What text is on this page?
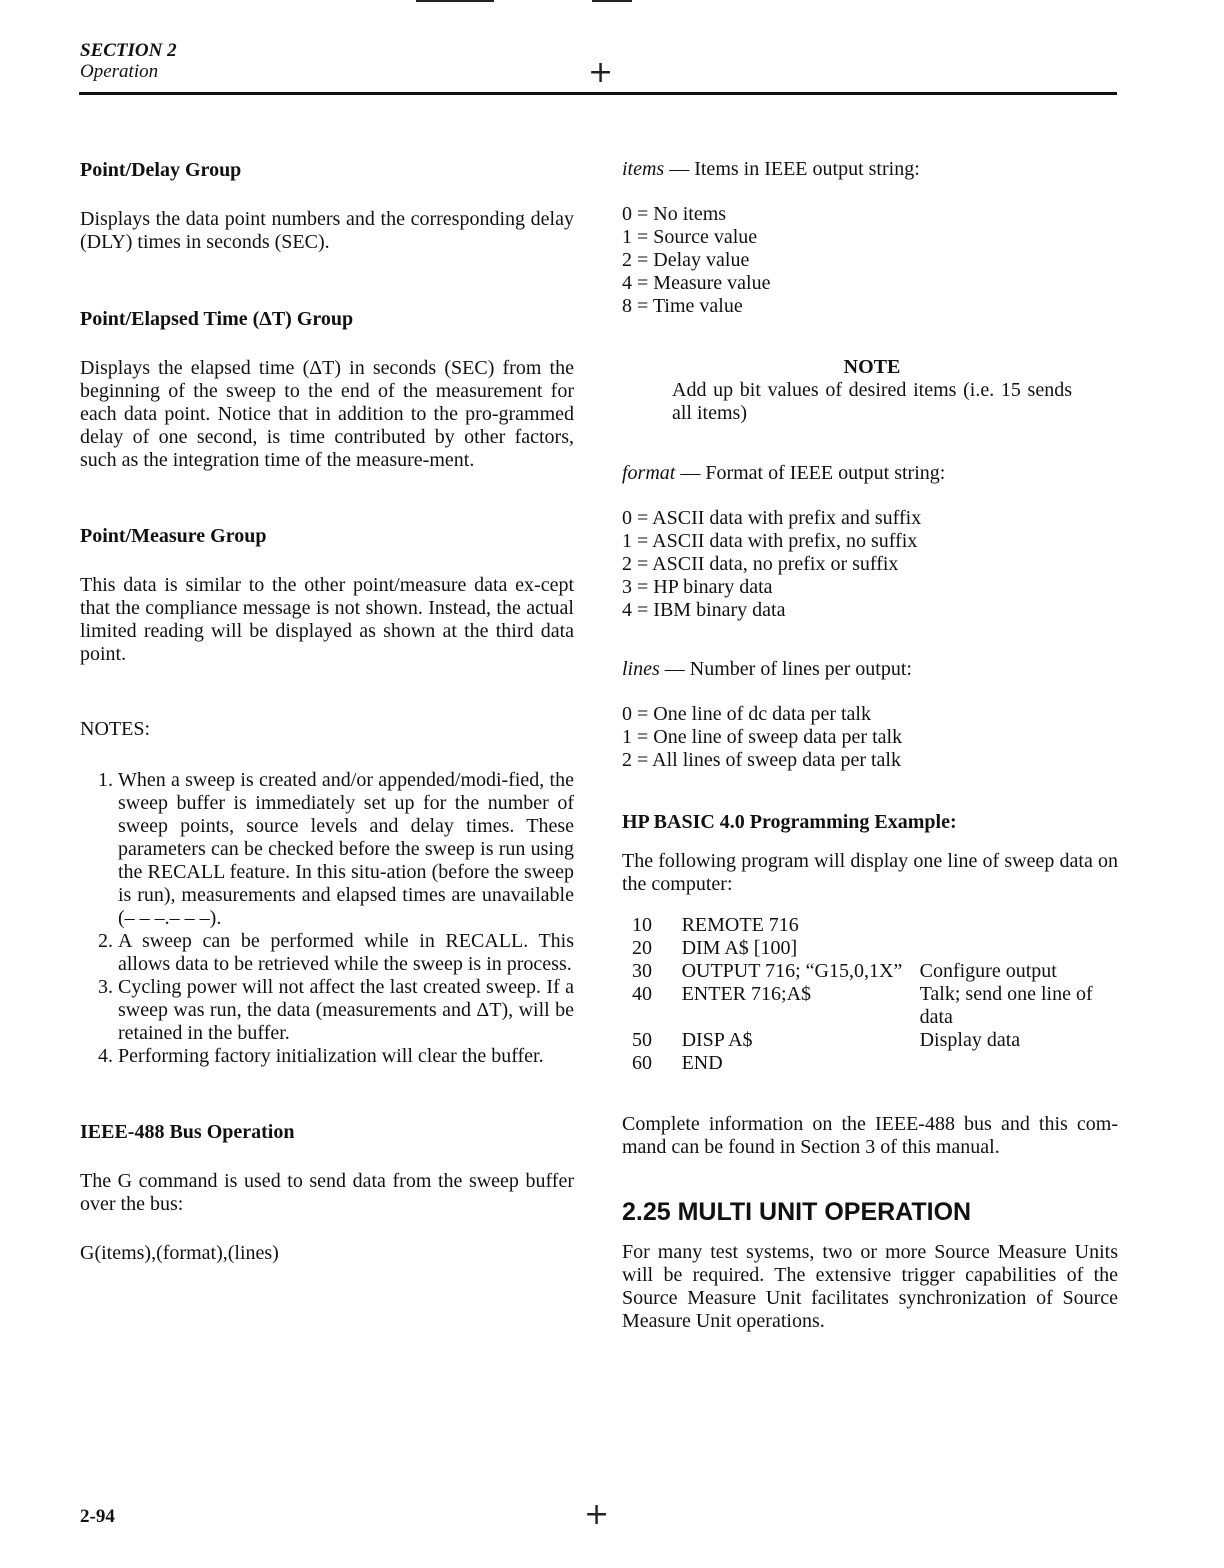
SECTION 2
Operation	+
Point/Delay Group

Displays the data point numbers and the corresponding delay (DLY) times in seconds (SEC).

Point/Elapsed Time (ΔT) Group

Displays the elapsed time (ΔT) in seconds (SEC) from the beginning of the sweep to the end of the measurement for each data point. Notice that in addition to the pro-grammed delay of one second, is time contributed by other factors, such as the integration time of the measure-ment.

Point/Measure Group

This data is similar to the other point/measure data ex-cept that the compliance message is not shown. Instead, the actual limited reading will be displayed as shown at the third data point.

NOTES:

1. When a sweep is created and/or appended/modi-fied, the sweep buffer is immediately set up for the number of sweep points, source levels and delay times. These parameters can be checked before the sweep is run using the RECALL feature. In this situ-ation (before the sweep is run), measurements and elapsed times are unavailable (– – –.– – –).
2. A sweep can be performed while in RECALL. This allows data to be retrieved while the sweep is in process.
3. Cycling power will not affect the last created sweep. If a sweep was run, the data (measurements and ΔT), will be retained in the buffer.
4. Performing factory initialization will clear the buffer.
IEEE-488 Bus Operation

The G command is used to send data from the sweep buffer over the bus:

G(items),(format),(lines)

items — Items in IEEE output string:

0 = No items
1 = Source value
2 = Delay value
4 = Measure value
8 = Time value
NOTE
Add up bit values of desired items (i.e. 15 sends all items)

format — Format of IEEE output string:

0 = ASCII data with prefix and suffix
1 = ASCII data with prefix, no suffix
2 = ASCII data, no prefix or suffix
3 = HP binary data
4 = IBM binary data

lines — Number of lines per output:

0 = One line of dc data per talk
1 = One line of sweep data per talk
2 = All lines of sweep data per talk
HP BASIC 4.0 Programming Example:

The following program will display one line of sweep data on the computer:

10	REMOTE 716	
20	DIM A$ [100]	
30	OUTPUT 716; “G15,0,1X”	Configure output
40	ENTER 716;A$	Talk; send one line of data
50	DISP A$	Display data
60	END	

Complete information on the IEEE-488 bus and this com-mand can be found in Section 3 of this manual.

2.25 MULTI UNIT OPERATION

For many test systems, two or more Source Measure Units will be required. The extensive trigger capabilities of the Source Measure Unit facilitates synchronization of Source Measure Unit operations.

2-94	+
